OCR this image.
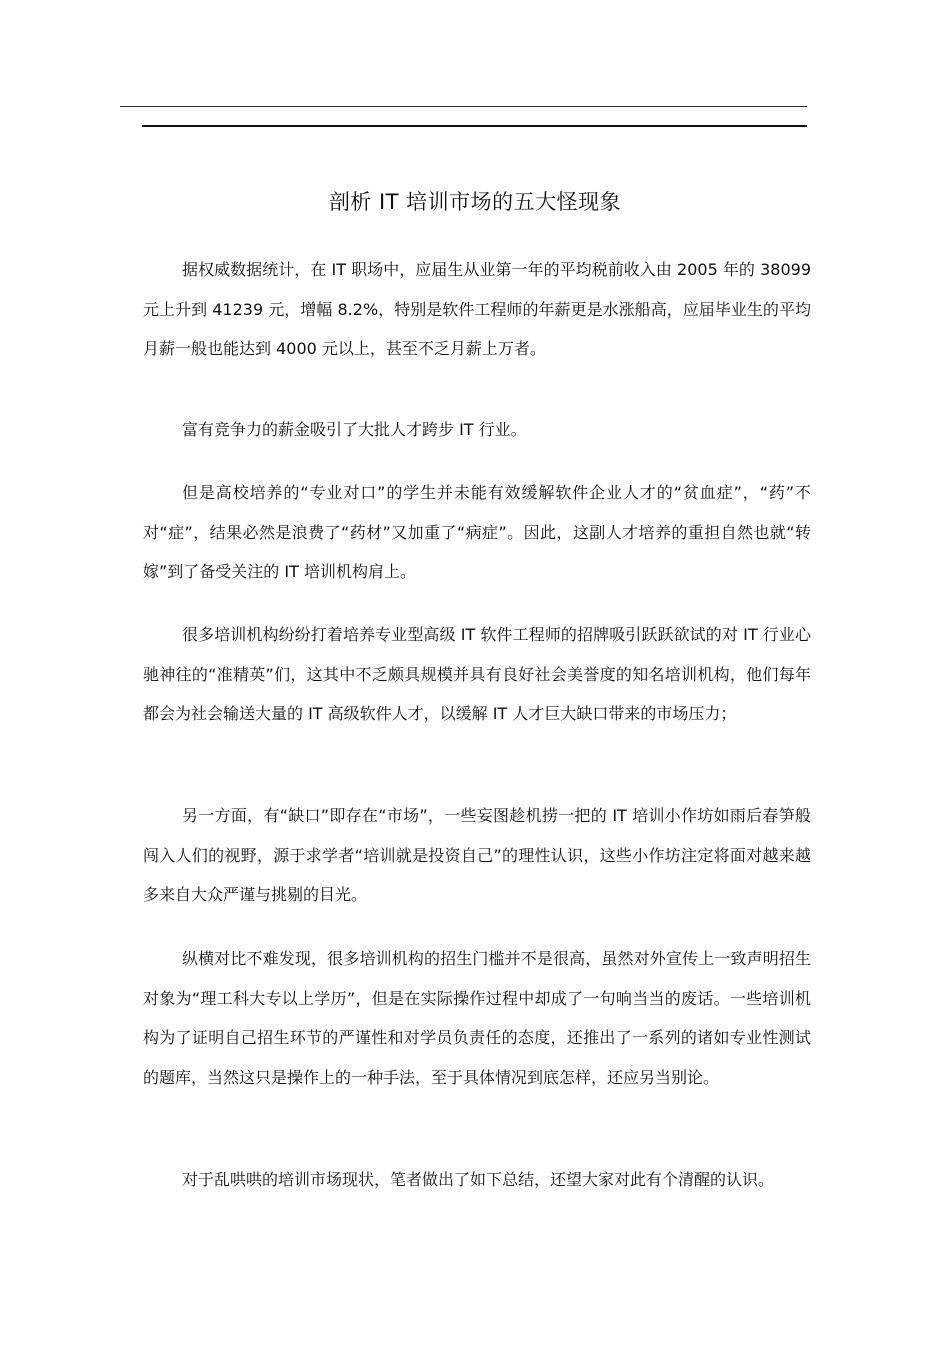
剖析 IT 培训市场的五大怪现象

据权威数据统计，在 IT 职场中，应届生从业第一年的平均税前收入由 2005 年的 38099 元上升到 41239 元，增幅 8.2%，特别是软件工程师的年薪更是水涨船高，应届毕业生的平均月薪一般也能达到 4000 元以上，甚至不乏月薪上万者。

富有竞争力的薪金吸引了大批人才跨步 IT 行业。

但是高校培养的“专业对口”的学生并未能有效缓解软件企业人才的“贫血症”，“药”不对“症”，结果必然是浪费了“药材”又加重了“病症”。因此，这副人才培养的重担自然也就“转嫁”到了备受关注的 IT 培训机构肩上。

很多培训机构纷纷打着培养专业型高级 IT 软件工程师的招牌吸引跃跃欲试的对 IT 行业心驰神往的“准精英”们，这其中不乏颇具规模并具有良好社会美誉度的知名培训机构，他们每年都会为社会输送大量的 IT 高级软件人才，以缓解 IT 人才巨大缺口带来的市场压力；

另一方面，有“缺口”即存在“市场”，一些妄图趁机捞一把的 IT 培训小作坊如雨后春笋般闯入人们的视野，源于求学者“培训就是投资自己”的理性认识，这些小作坊注定将面对越来越多来自大众严谨与挑剔的目光。

纵横对比不难发现，很多培训机构的招生门槛并不是很高，虽然对外宣传上一致声明招生对象为“理工科大专以上学历”，但是在实际操作过程中却成了一句响当当的废话。一些培训机构为了证明自己招生环节的严谨性和对学员负责任的态度，还推出了一系列的诸如专业性测试的题库，当然这只是操作上的一种手法，至于具体情况到底怎样，还应另当别论。

对于乱哄哄的培训市场现状，笔者做出了如下总结，还望大家对此有个清醒的认识。
